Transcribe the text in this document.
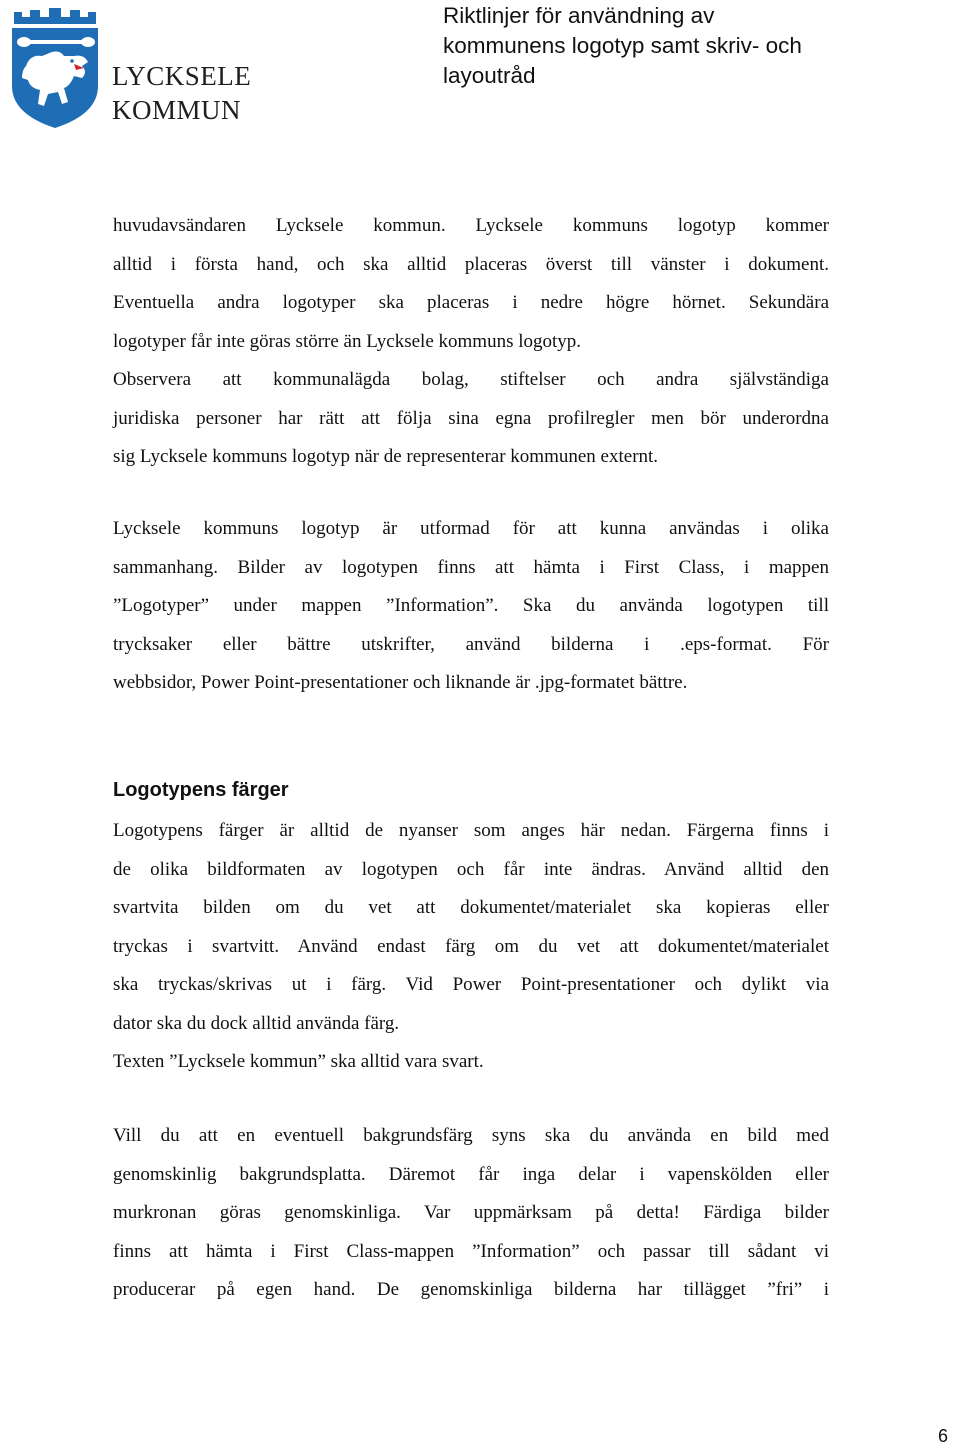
LYCKSELE
KOMMUN
Riktlinjer för användning av
kommunens logotyp samt skriv- och
layoutråd
huvudavsändaren Lycksele kommun. Lycksele kommuns logotyp kommer
alltid i första hand, och ska alltid placeras överst till vänster i dokument.
Eventuella andra logotyper ska placeras i nedre högre hörnet. Sekundära
logotyper får inte göras större än Lycksele kommuns logotyp.
Observera att kommunalägda bolag, stiftelser och andra självständiga
juridiska personer har rätt att följa sina egna profilregler men bör underordna
sig Lycksele kommuns logotyp när de representerar kommunen externt.
Lycksele kommuns logotyp är utformad för att kunna användas i olika
sammanhang. Bilder av logotypen finns att hämta i First Class, i mappen
”Logotyper” under mappen ”Information”. Ska du använda logotypen till
trycksaker eller bättre utskrifter, använd bilderna i .eps-format. För
webbsidor, Power Point-presentationer och liknande är .jpg-formatet bättre.
Logotypens färger
Logotypens färger är alltid de nyanser som anges här nedan. Färgerna finns i
de olika bildformaten av logotypen och får inte ändras. Använd alltid den
svartvita bilden om du vet att dokumentet/materialet ska kopieras eller
tryckas i svartvitt. Använd endast färg om du vet att dokumentet/materialet
ska tryckas/skrivas ut i färg. Vid Power Point-presentationer och dylikt via
dator ska du dock alltid använda färg.
Texten ”Lycksele kommun” ska alltid vara svart.
Vill du att en eventuell bakgrundsfärg syns ska du använda en bild med
genomskinlig bakgrundsplatta. Däremot får inga delar i vapenskölden eller
murkronan göras genomskinliga. Var uppmärksam på detta! Färdiga bilder
finns att hämta i First Class-mappen ”Information” och passar till sådant vi
producerar på egen hand. De genomskinliga bilderna har tillägget ”fri” i
6
